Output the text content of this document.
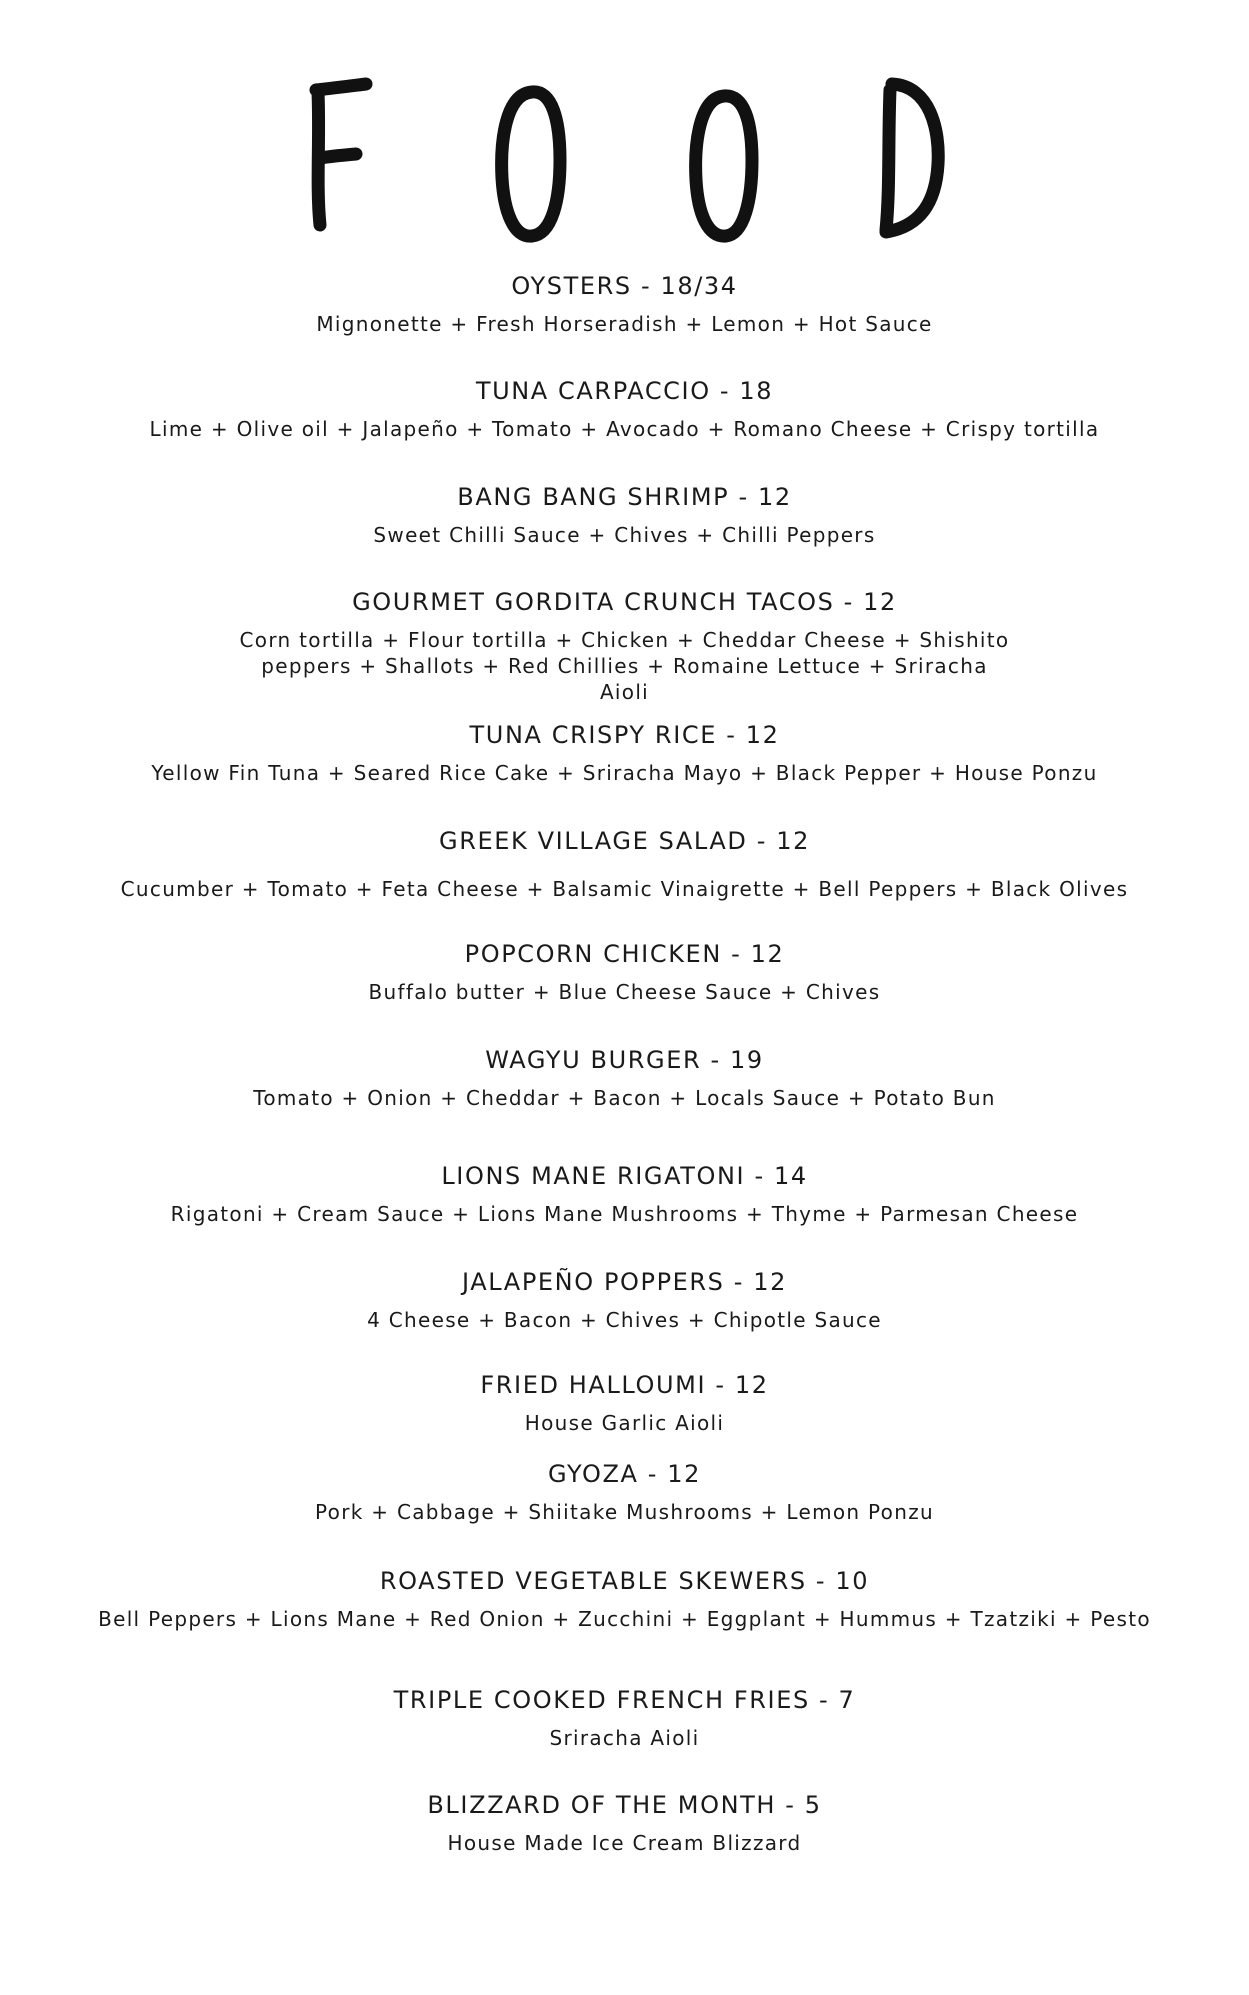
OYSTERS - 18/34
Mignonette + Fresh Horseradish + Lemon + Hot Sauce
TUNA CARPACCIO - 18
Lime + Olive oil + Jalapeño + Tomato + Avocado + Romano Cheese + Crispy tortilla
BANG BANG SHRIMP - 12
Sweet Chilli Sauce + Chives + Chilli Peppers
GOURMET GORDITA CRUNCH TACOS - 12
Corn tortilla + Flour tortilla + Chicken + Cheddar Cheese + Shishito peppers + Shallots + Red Chillies + Romaine Lettuce + Sriracha Aioli
TUNA CRISPY RICE - 12
Yellow Fin Tuna + Seared Rice Cake + Sriracha Mayo + Black Pepper + House Ponzu
GREEK VILLAGE SALAD - 12
Cucumber + Tomato + Feta Cheese + Balsamic Vinaigrette + Bell Peppers + Black Olives
POPCORN CHICKEN - 12
Buffalo butter + Blue Cheese Sauce + Chives
WAGYU BURGER - 19
Tomato + Onion + Cheddar + Bacon + Locals Sauce + Potato Bun
LIONS MANE RIGATONI - 14
Rigatoni + Cream Sauce + Lions Mane Mushrooms + Thyme + Parmesan Cheese
JALAPEÑO POPPERS - 12
4 Cheese + Bacon + Chives + Chipotle Sauce
FRIED HALLOUMI - 12
House Garlic Aioli
GYOZA - 12
Pork + Cabbage + Shiitake Mushrooms + Lemon Ponzu
ROASTED VEGETABLE SKEWERS - 10
Bell Peppers + Lions Mane + Red Onion + Zucchini + Eggplant + Hummus + Tzatziki + Pesto
TRIPLE COOKED FRENCH FRIES - 7
Sriracha Aioli
BLIZZARD OF THE MONTH - 5
House Made Ice Cream Blizzard
